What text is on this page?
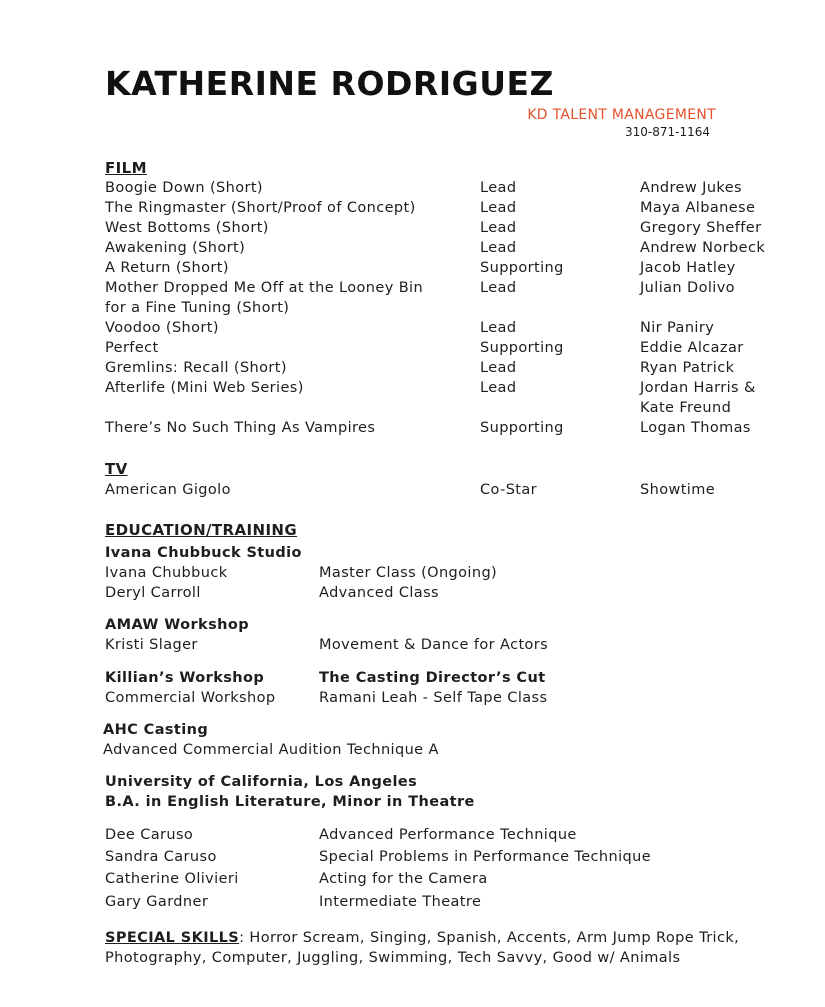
KATHERINE RODRIGUEZ
KD TALENT MANAGEMENT
310-871-1164
FILM
Boogie Down (Short)	Lead	Andrew Jukes
The Ringmaster (Short/Proof of Concept)	Lead	Maya Albanese
West Bottoms (Short)	Lead	Gregory Sheffer
Awakening (Short)	Lead	Andrew Norbeck
A Return (Short)	Supporting	Jacob Hatley

Mother Dropped Me Off at the Looney Bin
for a Fine Tuning (Short)	Lead	Julian Dolivo
Voodoo (Short)	Lead	Nir Paniry
Perfect	Supporting	Eddie Alcazar
Gremlins: Recall (Short)	Lead	Ryan Patrick
Afterlife (Mini Web Series)	Lead	Jordan Harris &
Kate Freund

There’s No Such Thing As Vampires	Supporting	Logan Thomas
TV
American Gigolo	Co-Star	Showtime
EDUCATION/TRAINING
Ivana Chubbuck Studio
Ivana Chubbuck	Master Class (Ongoing)
Deryl Carroll	Advanced Class
AMAW Workshop
Kristi Slager	Movement & Dance for Actors
Killian’s Workshop	The Casting Director’s Cut
Commercial Workshop	Ramani Leah - Self Tape Class
AHC Casting
Advanced Commercial Audition Technique A
University of California, Los Angeles
B.A. in English Literature, Minor in Theatre
Dee Caruso	Advanced Performance Technique
Sandra Caruso	Special Problems in Performance Technique
Catherine Olivieri	Acting for the Camera
Gary Gardner	Intermediate Theatre
SPECIAL SKILLS: Horror Scream, Singing, Spanish, Accents, Arm Jump Rope Trick, Photography, Computer, Juggling, Swimming, Tech Savvy, Good w/ Animals
